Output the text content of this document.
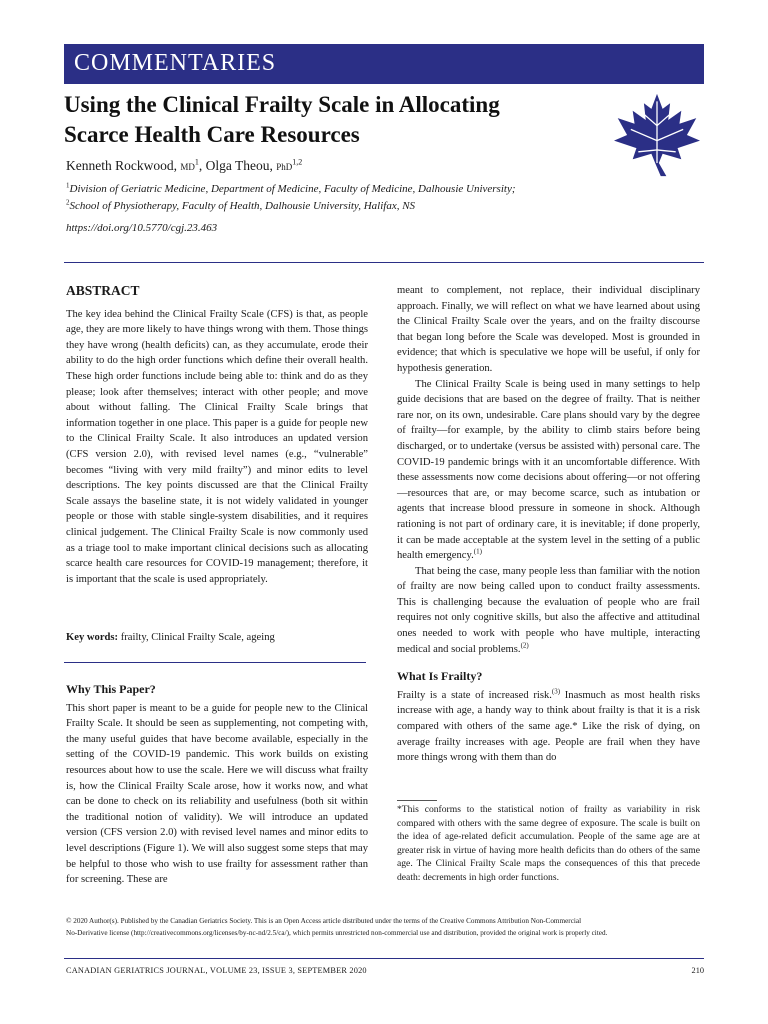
COMMENTARIES
Using the Clinical Frailty Scale in Allocating
Scarce Health Care Resources
Kenneth Rockwood, $MD^1$, Olga Theou, PhD$^{1,2}$
$^1$Division of Geriatric Medicine, Department of Medicine, Faculty of Medicine, Dalhousie University;
$^2$School of Physiotherapy, Faculty of Health, Dalhousie University, Halifax, NS
https://doi.org/10.5770/cgj.23.463

ABSTRACT

The key idea behind the Clinical Frailty Scale (CFS) is that, as people age, they are more likely to have things wrong with them. Those things they have wrong (health deficits) can, as they accumulate, erode their ability to do the high order functions which define their overall health. These high order functions include being able to: think and do as they please; look after themselves; interact with other people; and move about without falling. The Clinical Frailty Scale brings that information together in one place. This paper is a guide for people new to the Clinical Frailty Scale. It also introduces an updated version (CFS version 2.0), with revised level names (e.g., “vulnerable” becomes “living with very mild frailty”) and minor edits to level descriptions. The key points discussed are that the Clinical Frailty Scale assays the baseline state, it is not widely validated in younger people or those with stable single-system disabilities, and it requires clinical judgement. The Clinical Frailty Scale is now commonly used as a triage tool to make important clinical decisions such as allocating scarce health care resources for COVID-19 management; therefore, it is important that the scale is used appropriately.

Key words: frailty, Clinical Frailty Scale, ageing

Why This Paper?

This short paper is meant to be a guide for people new to the Clinical Frailty Scale. It should be seen as supplementing, not competing with, the many useful guides that have become available, especially in the setting of the COVID-19 pandemic. This work builds on existing resources about how to use the scale. Here we will discuss what frailty is, how the Clinical Frailty Scale arose, how it works now, and what can be done to check on its reliability and usefulness (both sit within the traditional notion of validity). We will introduce an updated version (CFS version 2.0) with revised level names and minor edits to level descriptions (Figure 1). We will also suggest some steps that may be helpful to those who wish to use frailty for assessment rather than for screening. These are

meant to complement, not replace, their individual disciplinary approach. Finally, we will reflect on what we have learned about using the Clinical Frailty Scale over the years, and on the frailty discourse that began long before the Scale was developed. Most is grounded in evidence; that which is speculative we hope will be useful, if only for hypothesis generation.

The Clinical Frailty Scale is being used in many settings to help guide decisions that are based on the degree of frailty. That is neither rare nor, on its own, undesirable. Care plans should vary by the degree of frailty—for example, by the ability to climb stairs before being discharged, or to undertake (versus be assisted with) personal care. The COVID-19 pandemic brings with it an uncomfortable difference. With these assessments now come decisions about offering—or not offering—resources that are, or may become scarce, such as intubation or agents that increase blood pressure in someone in shock. Although rationing is not part of ordinary care, it is inevitable; if done properly, it can be made acceptable at the system level in the setting of a public health emergency.$^{(1)}$

That being the case, many people less than familiar with the notion of frailty are now being called upon to conduct frailty assessments. This is challenging because the evaluation of people who are frail requires not only cognitive skills, but also the affective and attitudinal ones needed to work with people who have multiple, interacting medical and social problems.$^{(2)}$

What Is Frailty?

Frailty is a state of increased risk.$^{(3)}$ Inasmuch as most health risks increase with age, a handy way to think about frailty is that it is a risk compared with others of the same age.* Like the risk of dying, on average frailty increases with age. People are frail when they have more things wrong with them than do

*This conforms to the statistical notion of frailty as variability in risk compared with others with the same degree of exposure. The scale is built on the idea of age-related deficit accumulation. People of the same age are at greater risk in virtue of having more health deficits than do others of the same age. The Clinical Frailty Scale maps the consequences of this that precede death: decrements in high order functions.
© 2020 Author(s). Published by the Canadian Geriatrics Society. This is an Open Access article distributed under the terms of the Creative Commons Attribution Non-Commercial
No-Derivative license (http://creativecommons.org/licenses/by-nc-nd/2.5/ca/), which permits unrestricted non-commercial use and distribution, provided the original work is properly cited.
CANADIAN GERIATRICS JOURNAL, VOLUME 23, ISSUE 3, SEPTEMBER 2020	210
